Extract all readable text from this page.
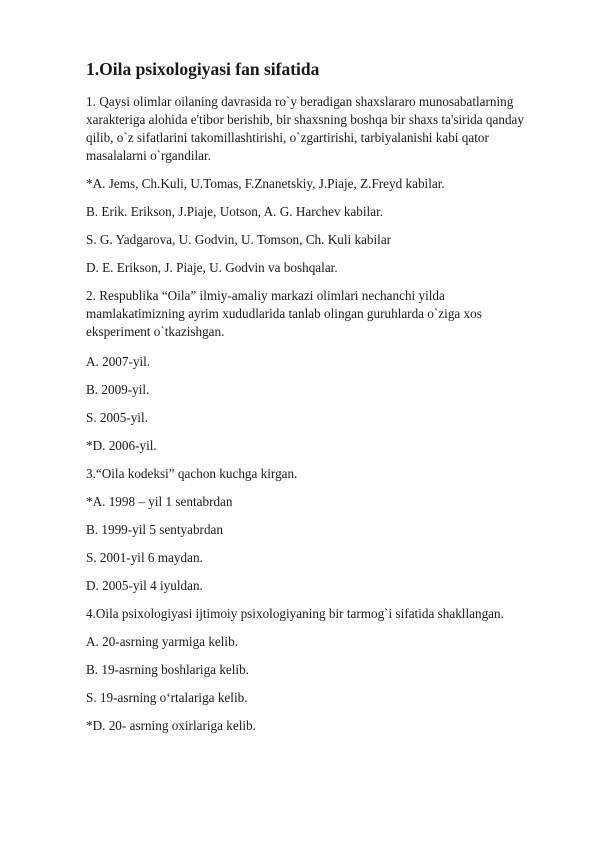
1.Oila psixologiyasi fan sifatida

1. Qaysi olimlar oilaning davrasida ro`y beradigan shaxslararo munosabatlarning

xarakteriga alohida e'tibor berishib, bir shaxsning boshqa bir shaxs ta'sirida qanday

qilib, o`z sifatlarini takomillashtirishi, o`zgartirishi, tarbiyalanishi kabi qator

masalalarni o`rgandilar.

*A. Jems, Ch.Kuli, U.Tomas, F.Znanetskiy, J.Piaje, Z.Freyd kabilar.

B. Erik. Erikson, J.Piaje, Uotson, A. G. Harchev kabilar.

S. G. Yadgarova, U. Godvin, U. Tomson, Ch. Kuli kabilar

D. E. Erikson, J. Piaje, U. Godvin va boshqalar.

2. Respublika “Oila” ilmiy-amaliy markazi olimlari nechanchi yilda

mamlakatimizning ayrim xududlarida tanlab olingan guruhlarda o`ziga xos

eksperiment o`tkazishgan.

A. 2007-yil.

B. 2009-yil.

S. 2005-yil.

*D. 2006-yil.

3.“Oila kodeksi” qachon kuchga kirgan.

*A. 1998 – yil 1 sentabrdan

B. 1999-yil 5 sentyabrdan

S. 2001-yil 6 maydan.

D. 2005-yil 4 iyuldan.

4.Oila psixologiyasi ijtimoiy psixologiyaning bir tarmog`i sifatida shakllangan.

A. 20-asrning yarmiga kelib.

B. 19-asrning boshlariga kelib.

S. 19-asrning o‘rtalariga kelib.

*D. 20- asrning oxirlariga kelib.
